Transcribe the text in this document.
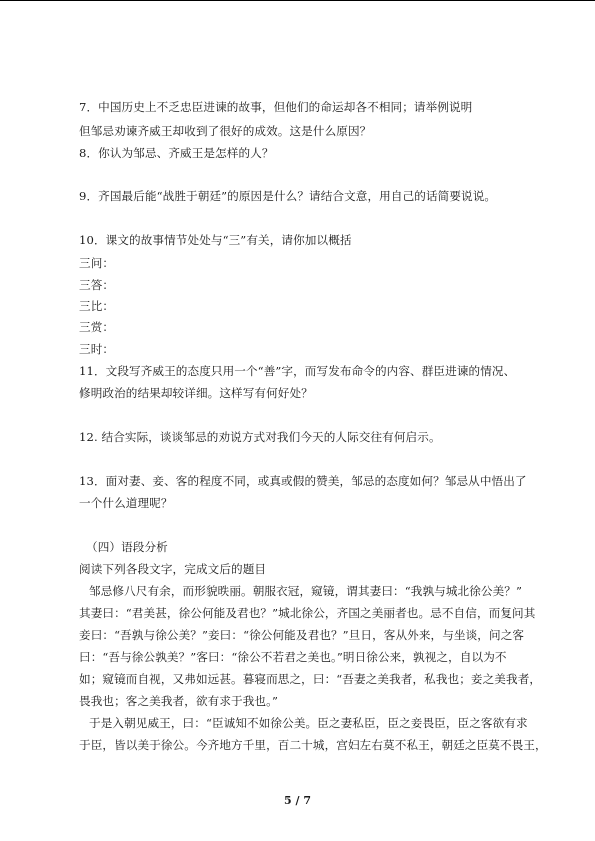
7．中国历史上不乏忠臣进谏的故事，但他们的命运却各不相同；请举例说明
但邹忌劝谏齐威王却收到了很好的成效。这是什么原因？
8．你认为邹忌、齐威王是怎样的人？
9．齐国最后能“战胜于朝廷”的原因是什么？请结合文意，用自己的话简要说说。
10．课文的故事情节处处与“三”有关，请你加以概括
三问：
三答：
三比：
三赏：
三时：
11．文段写齐威王的态度只用一个“善”字，而写发布命令的内容、群臣进谏的情况、
修明政治的结果却较详细。这样写有何好处？
12. 结合实际，谈谈邹忌的劝说方式对我们今天的人际交往有何启示。
13．面对妻、妾、客的程度不同，或真或假的赞美，邹忌的态度如何？邹忌从中悟出了
一个什么道理呢？
（四）语段分析
阅读下列各段文字，完成文后的题目
邹忌修八尺有余，而形貌昳丽。朝服衣冠，窥镜，谓其妻曰：“我孰与城北徐公美？”
其妻曰：“君美甚，徐公何能及君也？”城北徐公，齐国之美丽者也。忌不自信，而复问其
妾曰：“吾孰与徐公美？”妾曰：“徐公何能及君也？”旦日，客从外来，与坐谈，问之客
曰：“吾与徐公孰美？”客曰：“徐公不若君之美也。”明日徐公来，孰视之，自以为不
如；窥镜而自视，又弗如远甚。暮寝而思之，曰：“吾妻之美我者，私我也；妾之美我者，
畏我也；客之美我者，欲有求于我也。”
于是入朝见威王，曰：“臣诚知不如徐公美。臣之妻私臣，臣之妾畏臣，臣之客欲有求
于臣，皆以美于徐公。今齐地方千里，百二十城，宫妇左右莫不私王，朝廷之臣莫不畏王，
5 / 7
